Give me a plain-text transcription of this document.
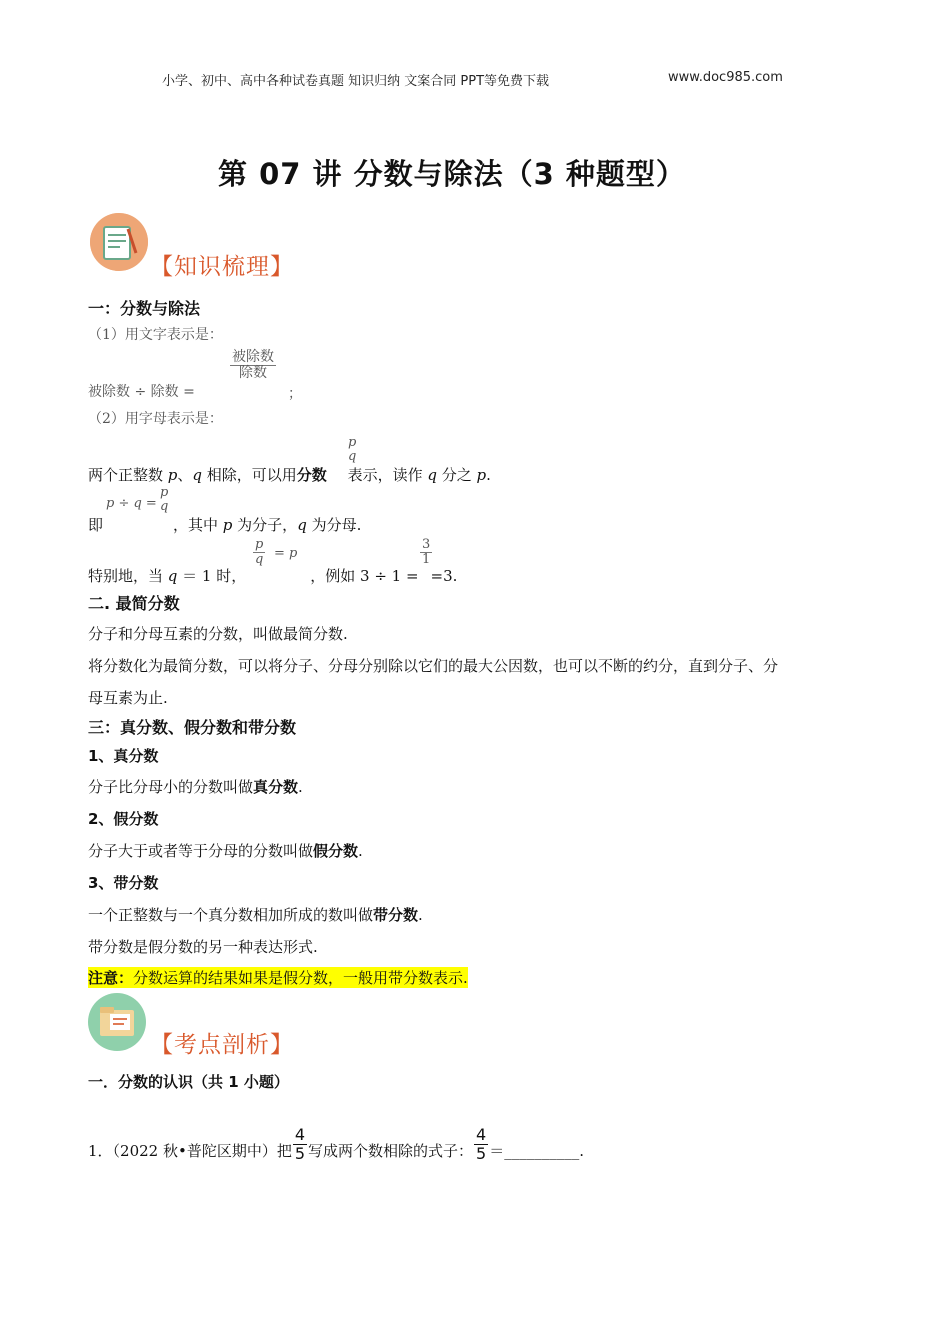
小学、初中、高中各种试卷真题 知识归纳 文案合同 PPT等免费下载	www.doc985.com
第 07 讲 分数与除法（3 种题型）
【知识梳理】
一：分数与除法
（1）用文字表示是：
被除数 ÷ 除数 =
被除数
除数
；
（2）用字母表示是：
p
q
两个正整数 p、q 相除，可以用分数 表示，读作 q 分之 p.
p ÷ q =
p
q
即	，其中 p 为分子，q 为分母.
$\frac{p}{q} = p$	$\frac{3}{1}$
特别地，当 q ＝ 1 时，	，例如 3 ÷ 1 = =3.
二. 最简分数
分子和分母互素的分数，叫做最简分数.
将分数化为最简分数，可以将分子、分母分别除以它们的最大公因数，也可以不断的约分，直到分子、分
母互素为止.
三：真分数、假分数和带分数
1、真分数
分子比分母小的分数叫做真分数.
2、假分数
分子大于或者等于分母的分数叫做假分数.
3、带分数
一个正整数与一个真分数相加所成的数叫做带分数.
带分数是假分数的另一种表达形式.
注意：分数运算的结果如果是假分数，一般用带分数表示.
【考点剖析】
一．分数的认识（共 1 小题）
1．（2022 秋•普陀区期中）把 $\frac{4}{5}$ 写成两个数相除的式子： $\frac{4}{5}$ ＝__________.
